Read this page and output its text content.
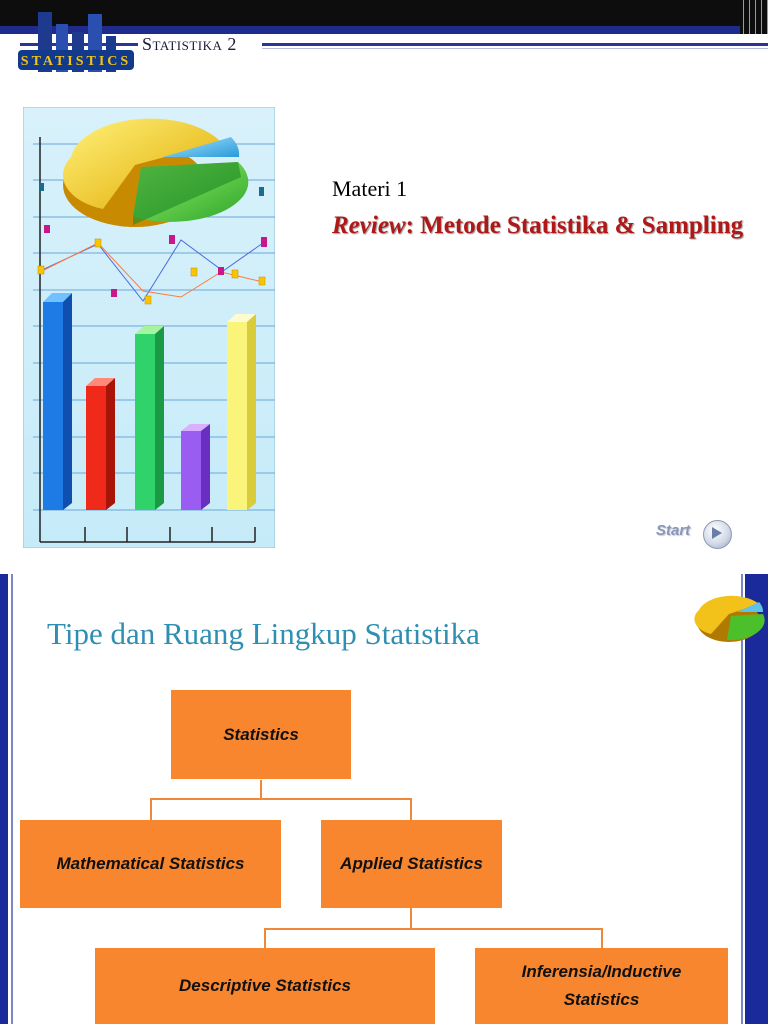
Statistika 2
STATISTICS
Materi 1
Review: Metode Statistika & Sampling
Start
Tipe dan Ruang Lingkup Statistika
Statistics
Mathematical Statistics	Applied Statistics
Descriptive Statistics
Inferensia/Inductive Statistics
